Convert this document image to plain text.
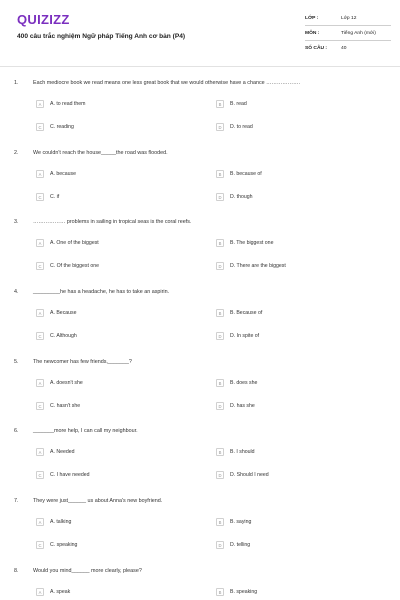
QUIZIZZ
400 câu trắc nghiệm Ngữ pháp Tiếng Anh cơ bản (P4)
LỚP :	Lớp 12
MÔN :	Tiếng Anh (mới)
SỐ CÂU :	40
1.	Each mediocre book we read means one less great book that we would otherwise have a chance ……………….
A	A. to read them	B	B. read
C	C. reading	D	D. to read
2.	We couldn't reach the house_____the road was flooded.
A	A. because	B	B. because of
C	C. if	D	D. though
3.	……………… problems in sailing in tropical seas is the coral reefs.
A	A. One of the biggest	B	B. The biggest one
C	C. Of the biggest one	D	D. There are the biggest
4.	_________he has a headache, he has to take an aspirin.
A	A. Because	B	B. Because of
C	C. Although	D	D. In spite of
5.	The newcomer has few friends,_______?
A	A. doesn't she	B	B. does she
C	C. hasn't she	D	D. has she
6.	_______more help, I can call my neighbour.
A	A. Needed	B	B. I should
C	C. I have needed	D	D. Should I need
7.	They were just______ us about Anna's new boyfriend.
A	A. talking	B	B. saying
C	C. speaking	D	D. telling
8.	Would you mind______ more clearly, please?
A	A. speak	B	B. speaking
